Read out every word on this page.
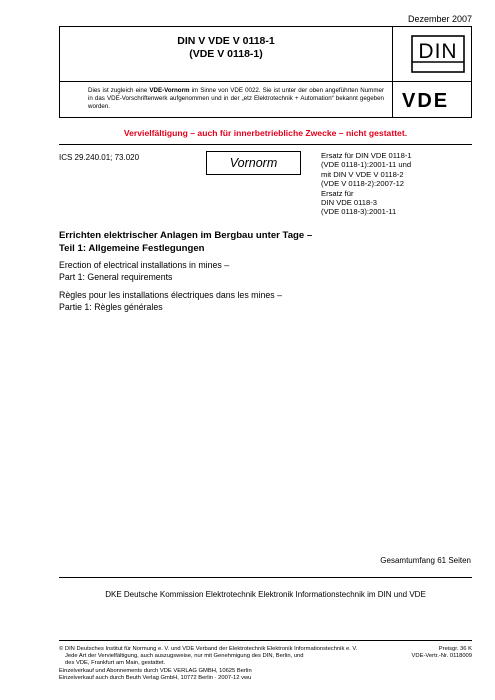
Dezember 2007
DIN V VDE V 0118-1
(VDE V 0118-1)	DIN
Dies ist zugleich eine VDE-Vornorm im Sinne von VDE 0022. Sie ist unter der oben angeführten Nummer in das VDE-Vorschriftenwerk aufgenommen und in der „etz Elektrotechnik + Automation“ bekannt gegeben worden.	VDE
Vervielfältigung – auch für innerbetriebliche Zwecke – nicht gestattet.
ICS 29.240.01; 73.020	Vornorm
Ersatz für DIN VDE 0118-1
(VDE 0118-1):2001-11 und
mit DIN V VDE V 0118-2
(VDE V 0118-2):2007-12
Ersatz für
DIN VDE 0118-3
(VDE 0118-3):2001-11
Errichten elektrischer Anlagen im Bergbau unter Tage –
Teil 1: Allgemeine Festlegungen
Erection of electrical installations in mines –
Part 1: General requirements
Règles pour les installations électriques dans les mines –
Partie 1: Règles générales
Gesamtumfang 61 Seiten
DKE Deutsche Kommission Elektrotechnik Elektronik Informationstechnik im DIN und VDE
© DIN Deutsches Institut für Normung e. V. und VDE Verband der Elektrotechnik Elektronik Informationstechnik e. V.
Jede Art der Vervielfältigung, auch auszugsweise, nur mit Genehmigung des DIN, Berlin, und
des VDE, Frankfurt am Main, gestattet.
Einzelverkauf und Abonnements durch VDE VERLAG GMBH, 10625 Berlin
Einzelverkauf auch durch Beuth Verlag GmbH, 10772 Berlin · 2007-12 vwu
Preisgr. 36 K
VDE-Vertr.-Nr. 0118009
